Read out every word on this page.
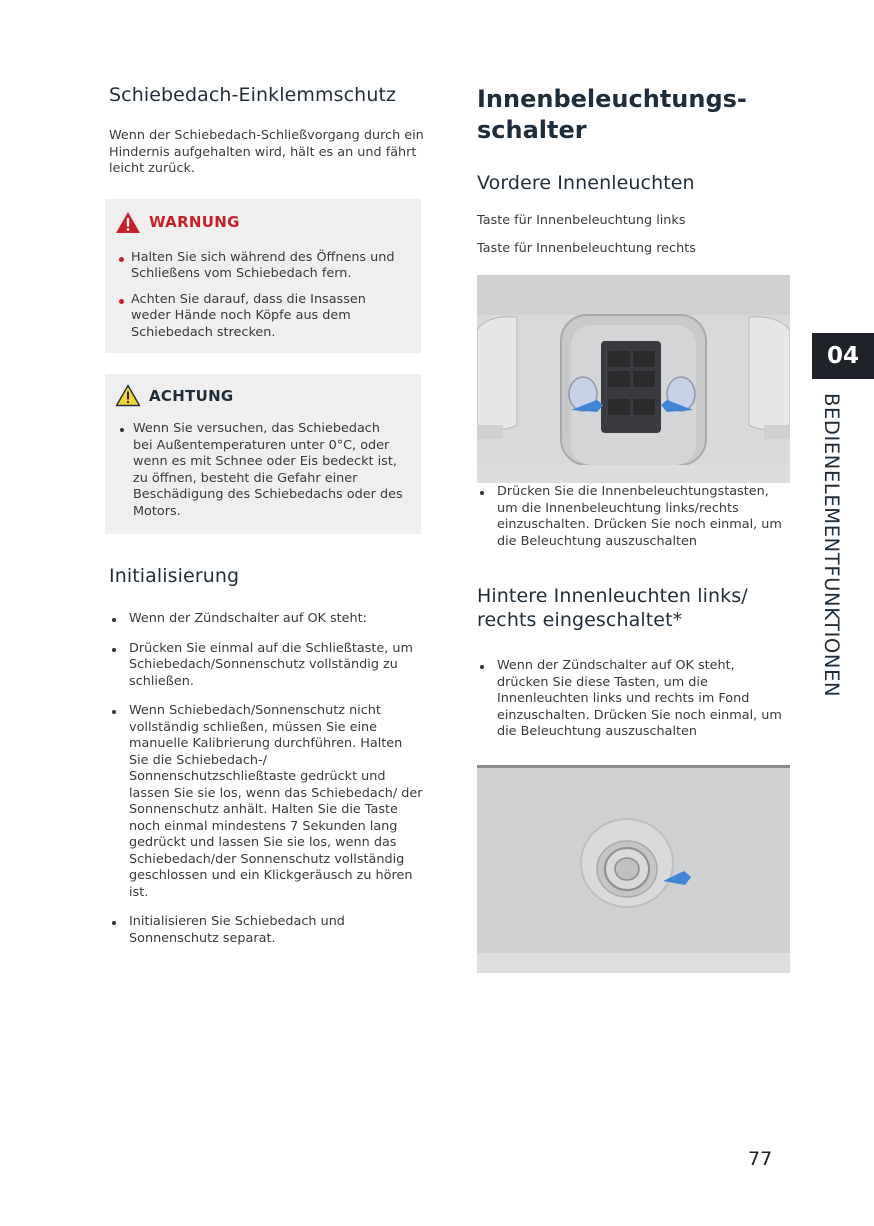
Schiebedach-Einklemmschutz

Wenn der Schiebedach-Schließvorgang durch ein Hindernis aufgehalten wird, hält es an und fährt leicht zurück.

WARNUNG
Halten Sie sich während des Öffnens und Schließens vom Schiebedach fern.
Achten Sie darauf, dass die Insassen weder Hände noch Köpfe aus dem Schiebedach strecken.
ACHTUNG
Wenn Sie versuchen, das Schiebedach bei Außentemperaturen unter 0°C, oder wenn es mit Schnee oder Eis bedeckt ist, zu öffnen, besteht die Gefahr einer Beschädigung des Schiebedachs oder des Motors.
Initialisierung
Wenn der Zündschalter auf OK steht:
Drücken Sie einmal auf die Schließtaste, um Schiebedach/Sonnenschutz vollständig zu schließen.
Wenn Schiebedach/Sonnenschutz nicht vollständig schließen, müssen Sie eine manuelle Kalibrierung durchführen. Halten Sie die Schiebedach-/ Sonnenschutzschließtaste gedrückt und lassen Sie sie los, wenn das Schiebedach/ der Sonnenschutz anhält. Halten Sie die Taste noch einmal mindestens 7 Sekunden lang gedrückt und lassen Sie sie los, wenn das Schiebedach/der Sonnenschutz vollständig geschlossen und ein Klickgeräusch zu hören ist.
Initialisieren Sie Schiebedach und Sonnenschutz separat.
Innenbeleuchtungs- schalter
Vordere Innenleuchten

Taste für Innenbeleuchtung links

Taste für Innenbeleuchtung rechts

Drücken Sie die Innenbeleuchtungstasten, um die Innenbeleuchtung links/rechts einzuschalten. Drücken Sie noch einmal, um die Beleuchtung auszuschalten
Hintere Innenleuchten links/ rechts eingeschaltet*
Wenn der Zündschalter auf OK steht, drücken Sie diese Tasten, um die Innenleuchten links und rechts im Fond einzuschalten. Drücken Sie noch einmal, um die Beleuchtung auszuschalten
04
BEDIENELEMENTFUNKTIONEN
77
